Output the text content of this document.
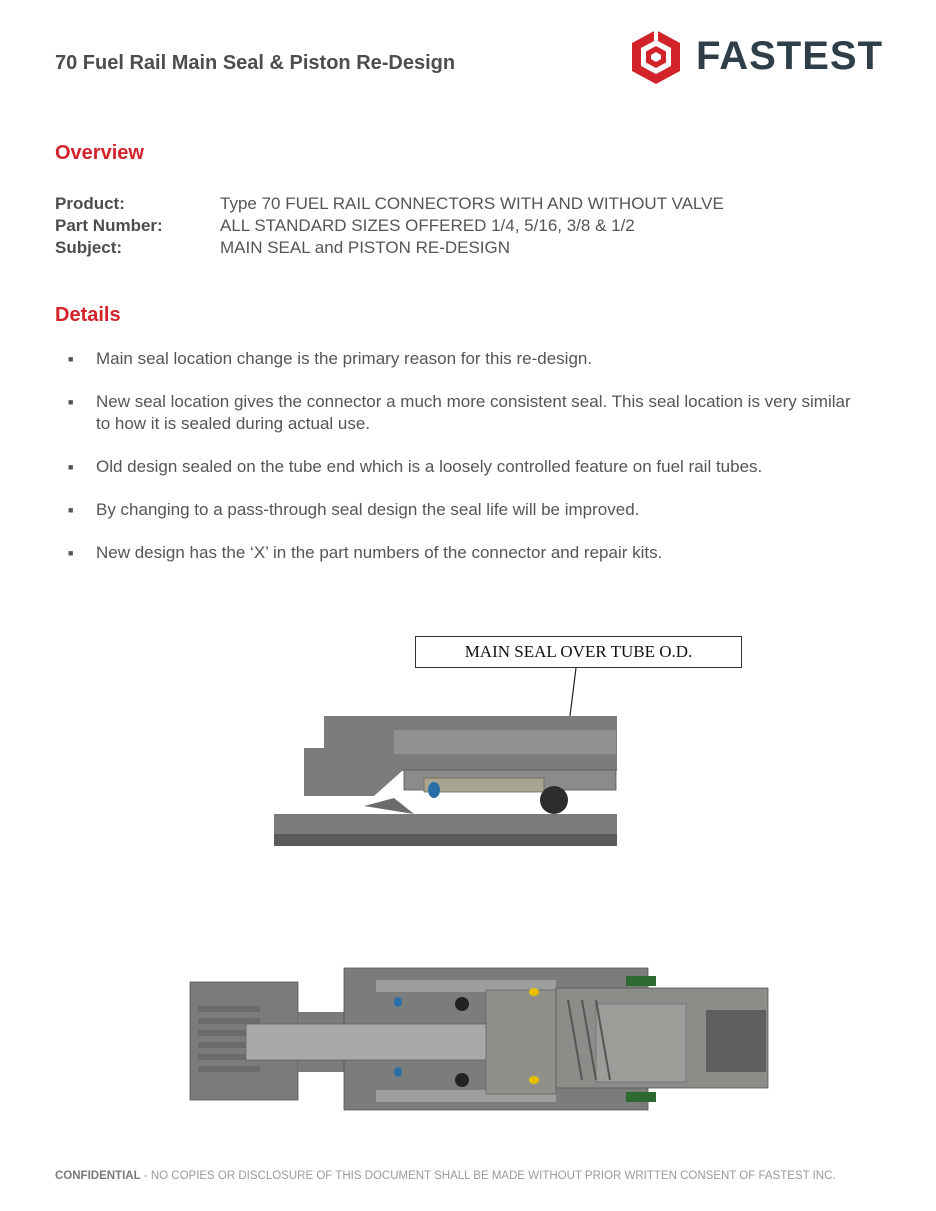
70 Fuel Rail Main Seal & Piston Re-Design	FASTEST
Overview
Product:	Type 70 FUEL RAIL CONNECTORS WITH AND WITHOUT VALVE
Part Number:	ALL STANDARD SIZES OFFERED 1/4, 5/16, 3/8 & 1/2
Subject:	MAIN SEAL and PISTON RE-DESIGN
Details
■	Main seal location change is the primary reason for this re-design.
■	New seal location gives the connector a much more consistent seal. This seal location is very similar to how it is sealed during actual use.
■	Old design sealed on the tube end which is a loosely controlled feature on fuel rail tubes.
■	By changing to a pass-through seal design the seal life will be improved.
■	New design has the ‘X’ in the part numbers of the connector and repair kits.
MAIN SEAL OVER TUBE O.D.
CONFIDENTIAL - NO COPIES OR DISCLOSURE OF THIS DOCUMENT SHALL BE MADE WITHOUT PRIOR WRITTEN CONSENT OF FASTEST INC.
